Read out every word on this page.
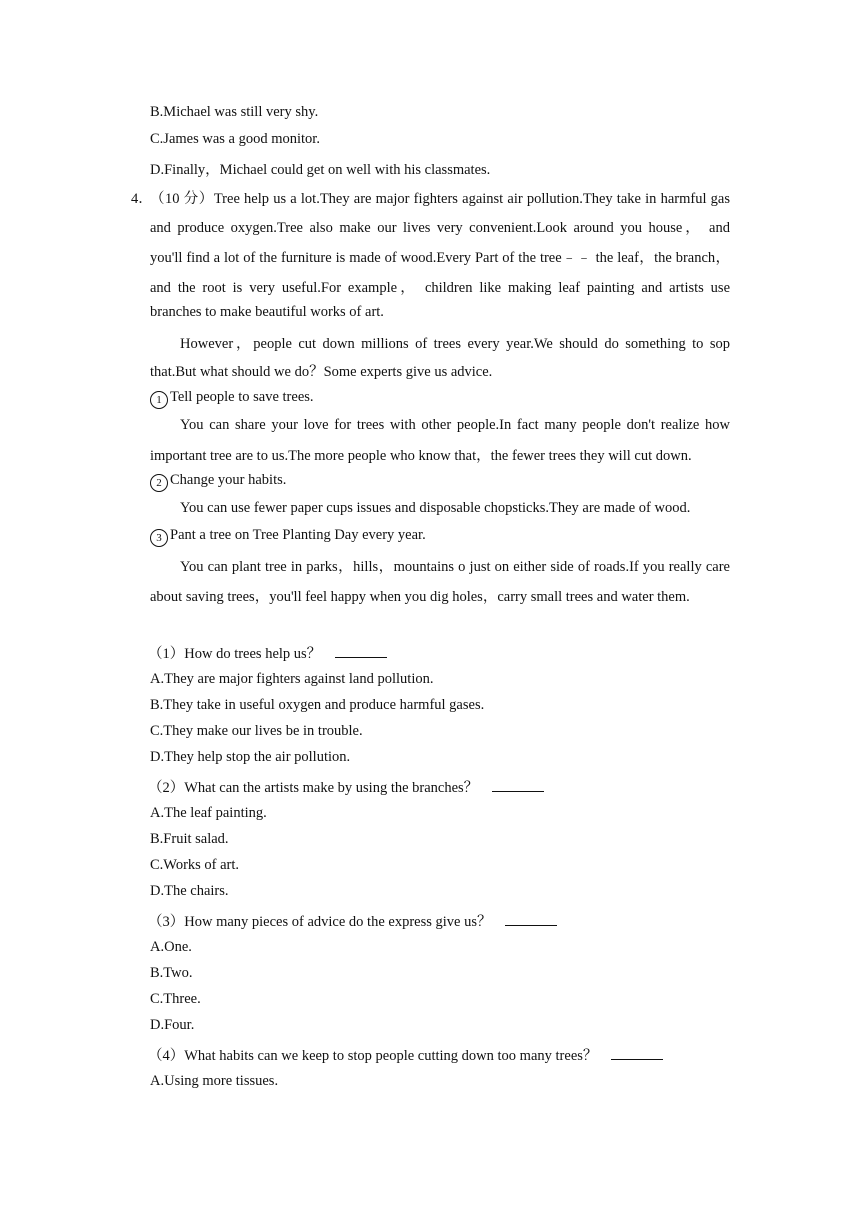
B.Michael was still very shy.
C.James was a good monitor.
D.Finally，Michael could get on well with his classmates.
4．
（10 分）Tree help us a lot.They are major fighters against air pollution.They take in harmful gas
and produce oxygen.Tree also make our lives very convenient.Look around you house， and
you'll find a lot of the furniture is made of wood.Every Part of the tree﹣﹣ the leaf，the branch，
and the root is very useful.For example， children like making leaf painting and artists use
branches to make beautiful works of art.
However，people cut down millions of trees every year.We should do something to sop
that.But what should we do？Some experts give us advice.
1 Tell people to save trees.
You can share your love for trees with other people.In fact many people don't realize how
important tree are to us.The more people who know that，the fewer trees they will cut down.
2 Change your habits.
You can use fewer paper cups issues and disposable chopsticks.They are made of wood.
3 Pant a tree on Tree Planting Day every year.
You can plant tree in parks，hills，mountains o just on either side of roads.If you really care
about saving trees，you'll feel happy when you dig holes，carry small trees and water them.
（1）How do trees help us？
A.They are major fighters against land pollution.
B.They take in useful oxygen and produce harmful gases.
C.They make our lives be in trouble.
D.They help stop the air pollution.
（2）What can the artists make by using the branches？
A.The leaf painting.
B.Fruit salad.
C.Works of art.
D.The chairs.
（3）How many pieces of advice do the express give us？
A.One.
B.Two.
C.Three.
D.Four.
（4）What habits can we keep to stop people cutting down too many trees？
A.Using more tissues.
